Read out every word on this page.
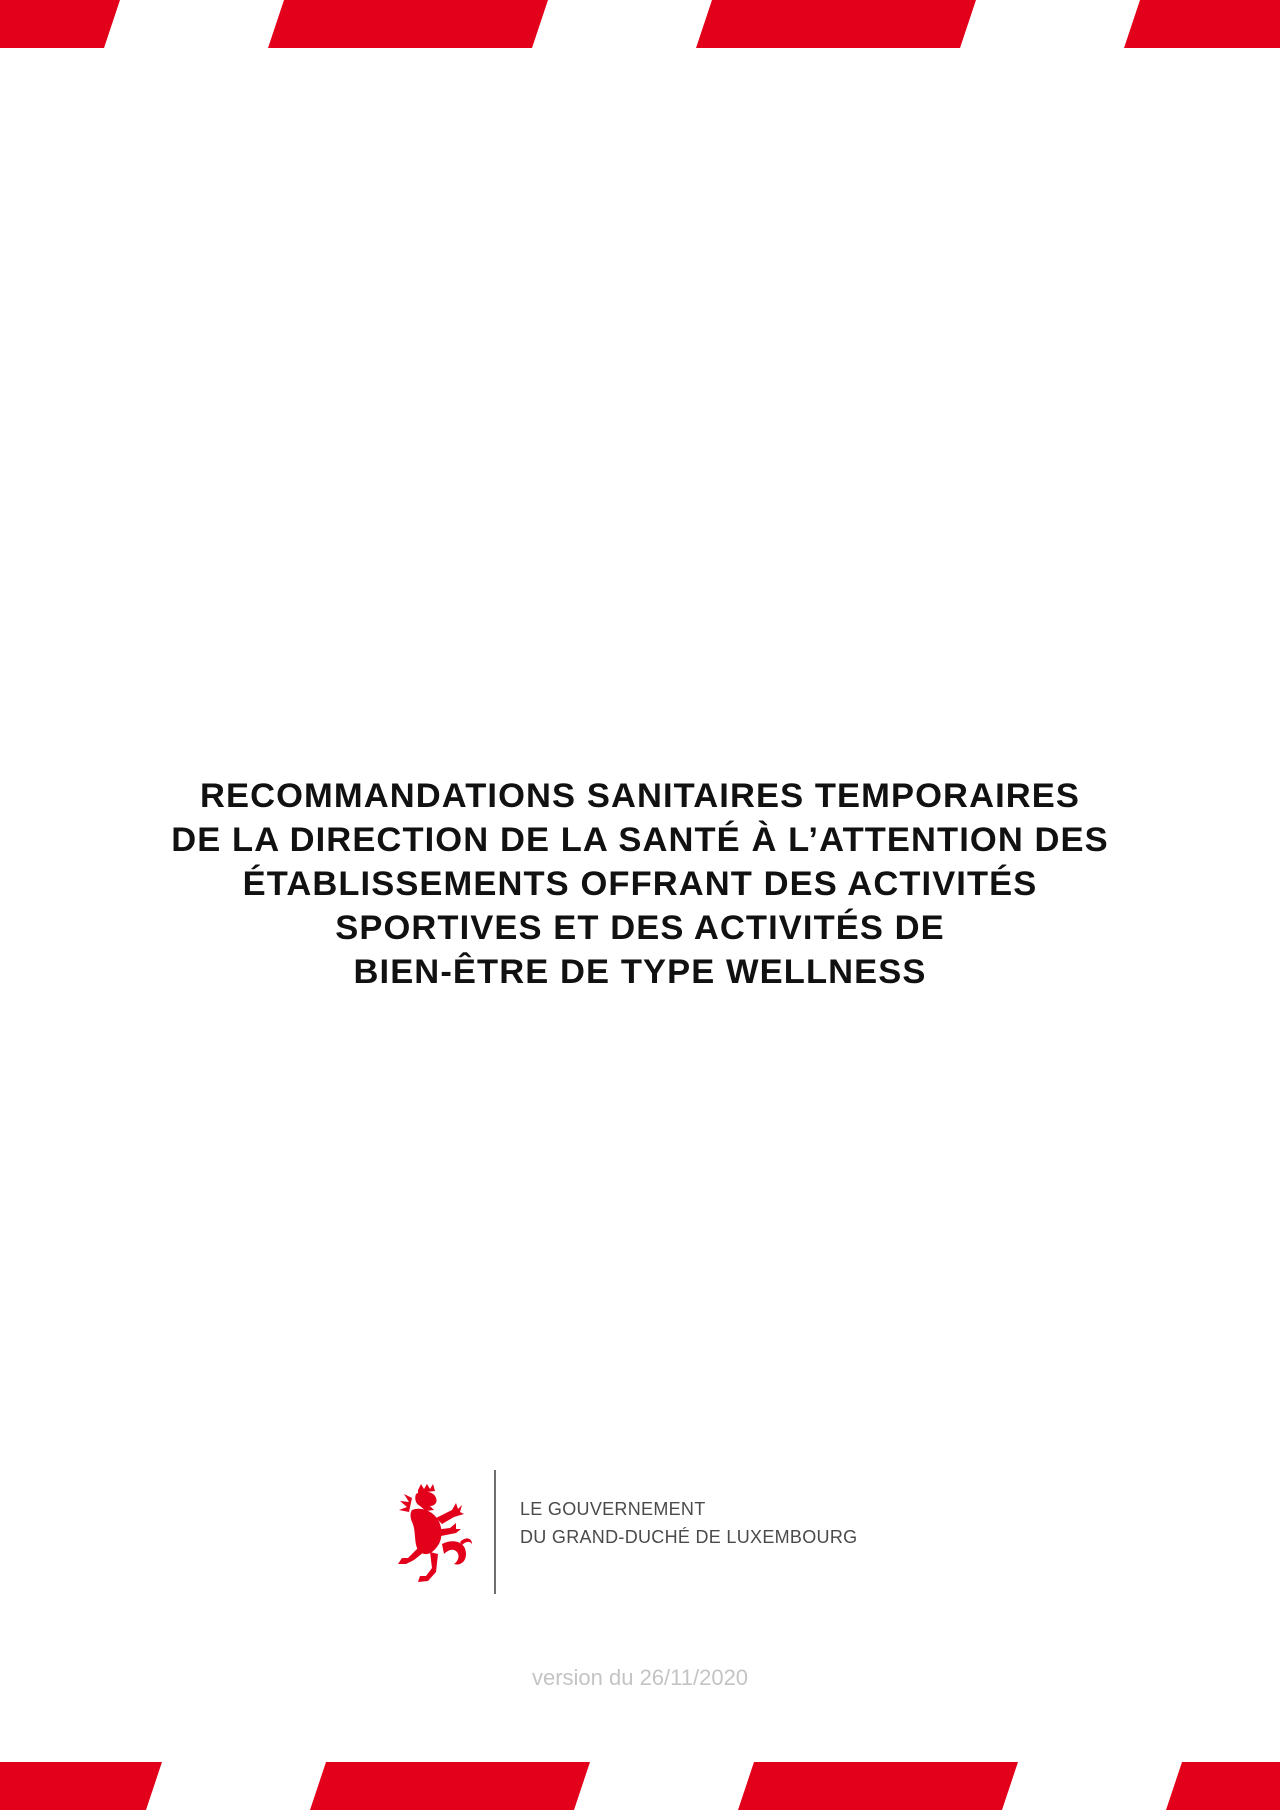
RECOMMANDATIONS SANITAIRES TEMPORAIRES
DE LA DIRECTION DE LA SANTÉ À L’ATTENTION DES
ÉTABLISSEMENTS OFFRANT DES ACTIVITÉS
SPORTIVES ET DES ACTIVITÉS DE
BIEN-ÊTRE DE TYPE WELLNESS
LE GOUVERNEMENT
DU GRAND-DUCHÉ DE LUXEMBOURG
version du 26/11/2020
